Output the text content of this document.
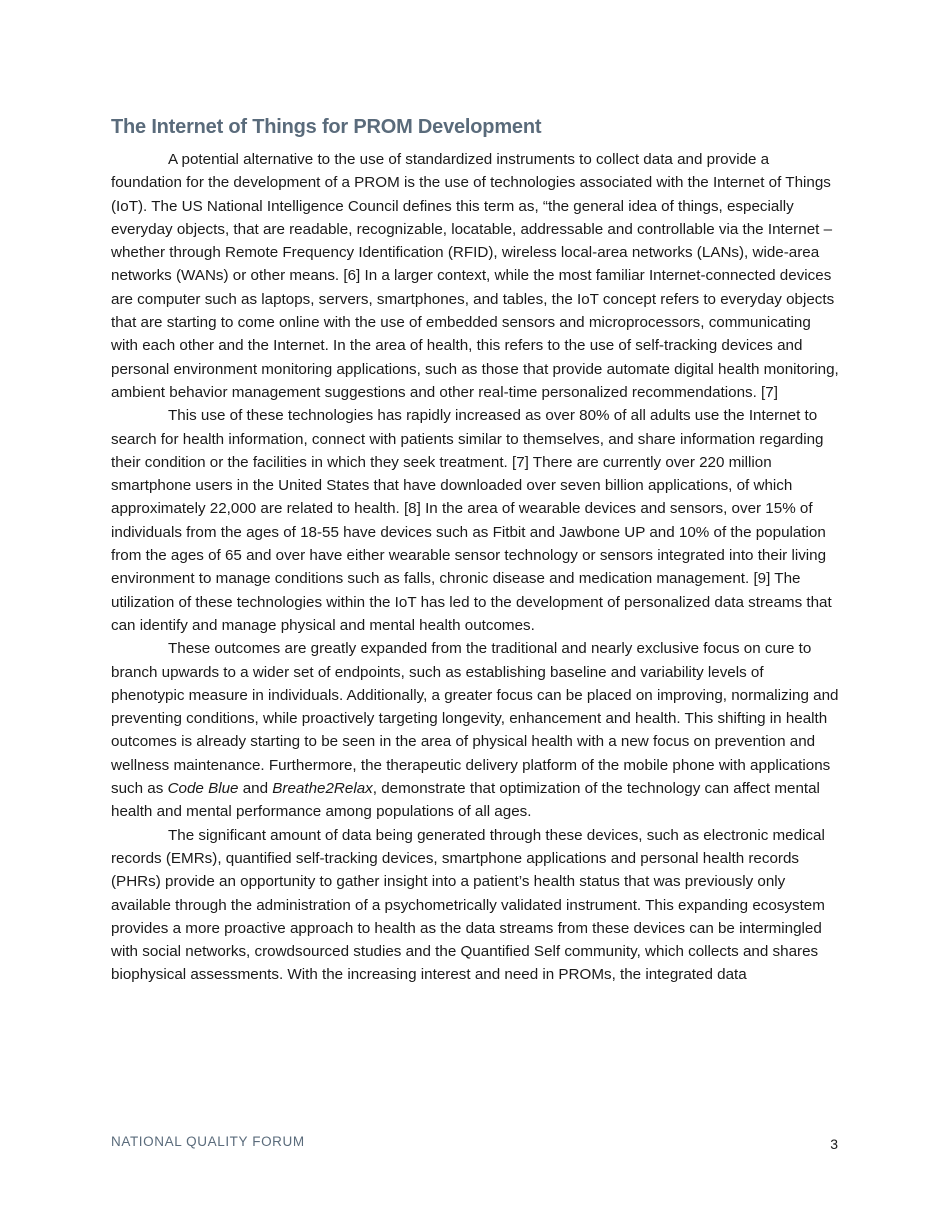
The Internet of Things for PROM Development

A potential alternative to the use of standardized instruments to collect data and provide a foundation for the development of a PROM is the use of technologies associated with the Internet of Things (IoT). The US National Intelligence Council defines this term as, “the general idea of things, especially everyday objects, that are readable, recognizable, locatable, addressable and controllable via the Internet – whether through Remote Frequency Identification (RFID), wireless local-area networks (LANs), wide-area networks (WANs) or other means. [6] In a larger context, while the most familiar Internet-connected devices are computer such as laptops, servers, smartphones, and tables, the IoT concept refers to everyday objects that are starting to come online with the use of embedded sensors and microprocessors, communicating with each other and the Internet. In the area of health, this refers to the use of self-tracking devices and personal environment monitoring applications, such as those that provide automate digital health monitoring, ambient behavior management suggestions and other real-time personalized recommendations. [7]

This use of these technologies has rapidly increased as over 80% of all adults use the Internet to search for health information, connect with patients similar to themselves, and share information regarding their condition or the facilities in which they seek treatment. [7] There are currently over 220 million smartphone users in the United States that have downloaded over seven billion applications, of which approximately 22,000 are related to health. [8] In the area of wearable devices and sensors, over 15% of individuals from the ages of 18-55 have devices such as Fitbit and Jawbone UP and 10% of the population from the ages of 65 and over have either wearable sensor technology or sensors integrated into their living environment to manage conditions such as falls, chronic disease and medication management. [9] The utilization of these technologies within the IoT has led to the development of personalized data streams that can identify and manage physical and mental health outcomes.

These outcomes are greatly expanded from the traditional and nearly exclusive focus on cure to branch upwards to a wider set of endpoints, such as establishing baseline and variability levels of phenotypic measure in individuals. Additionally, a greater focus can be placed on improving, normalizing and preventing conditions, while proactively targeting longevity, enhancement and health. This shifting in health outcomes is already starting to be seen in the area of physical health with a new focus on prevention and wellness maintenance. Furthermore, the therapeutic delivery platform of the mobile phone with applications such as Code Blue and Breathe2Relax, demonstrate that optimization of the technology can affect mental health and mental performance among populations of all ages.

The significant amount of data being generated through these devices, such as electronic medical records (EMRs), quantified self-tracking devices, smartphone applications and personal health records (PHRs) provide an opportunity to gather insight into a patient’s health status that was previously only available through the administration of a psychometrically validated instrument. This expanding ecosystem provides a more proactive approach to health as the data streams from these devices can be intermingled with social networks, crowdsourced studies and the Quantified Self community, which collects and shares biophysical assessments. With the increasing interest and need in PROMs, the integrated data

NATIONAL QUALITY FORUM	3
